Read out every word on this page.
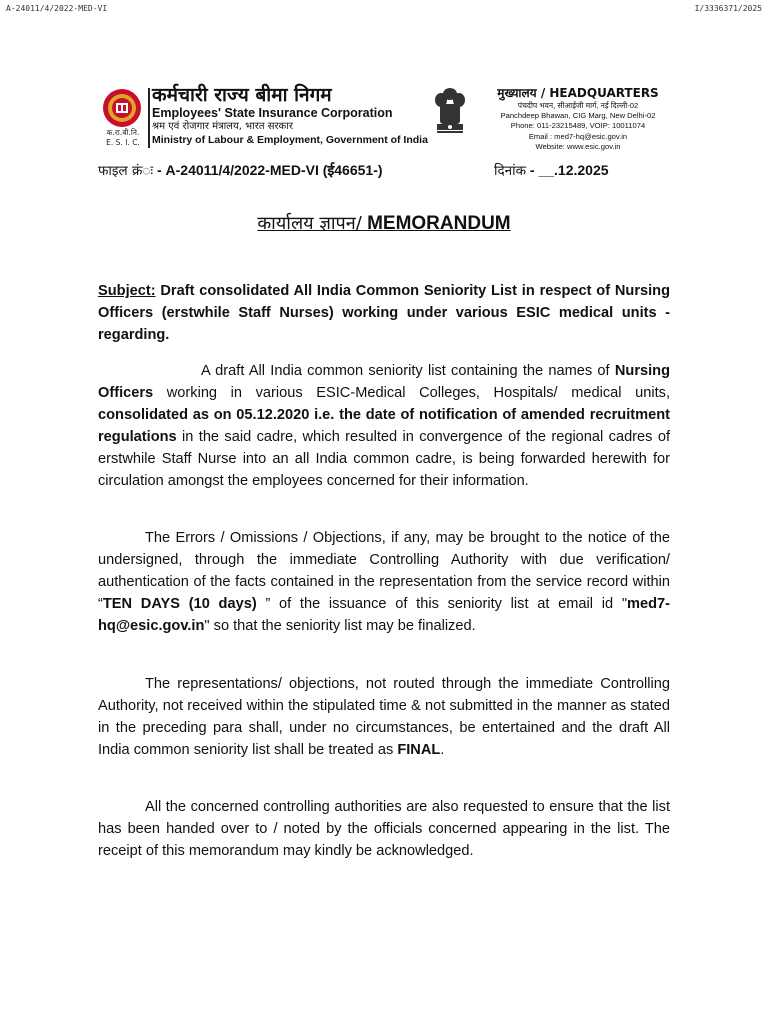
A-24011/4/2022-MED-VI	I/3336371/2025
क.रा.बी.नि.
E. S. I. C.
कर्मचारी राज्य बीमा निगम
Employees' State Insurance Corporation
श्रम एवं रोजगार मंत्रालय, भारत सरकार
Ministry of Labour & Employment, Government of India
मुख्यालय / HEADQUARTERS
पंचदीप भवन, सीआईजी मार्ग, नई दिल्ली-02
Panchdeep Bhawan, CIG Marg, New Delhi-02
Phone: 011-23215489, VOIP: 10011074
Email : med7-hq@esic.gov.in
Website: www.esic.gov.in
फाइल क्रं◌ः - A-24011/4/2022-MED-VI (ई46651-)	दिनांक - __.12.2025
कार्यालय ज्ञापन/ MEMORANDUM
Subject: Draft consolidated All India Common Seniority List in respect of Nursing Officers (erstwhile Staff Nurses) working under various ESIC medical units - regarding.
A draft All India common seniority list containing the names of Nursing Officers working in various ESIC-Medical Colleges, Hospitals/ medical units, consolidated as on 05.12.2020 i.e. the date of notification of amended recruitment regulations in the said cadre, which resulted in convergence of the regional cadres of erstwhile Staff Nurse into an all India common cadre, is being forwarded herewith for circulation amongst the employees concerned for their information.
The Errors / Omissions / Objections, if any, may be brought to the notice of the undersigned, through the immediate Controlling Authority with due verification/ authentication of the facts contained in the representation from the service record within “TEN DAYS (10 days) ” of the issuance of this seniority list at email id "med7-hq@esic.gov.in" so that the seniority list may be finalized.
The representations/ objections, not routed through the immediate Controlling Authority, not received within the stipulated time & not submitted in the manner as stated in the preceding para shall, under no circumstances, be entertained and the draft All India common seniority list shall be treated as FINAL.
All the concerned controlling authorities are also requested to ensure that the list has been handed over to / noted by the officials concerned appearing in the list. The receipt of this memorandum may kindly be acknowledged.
